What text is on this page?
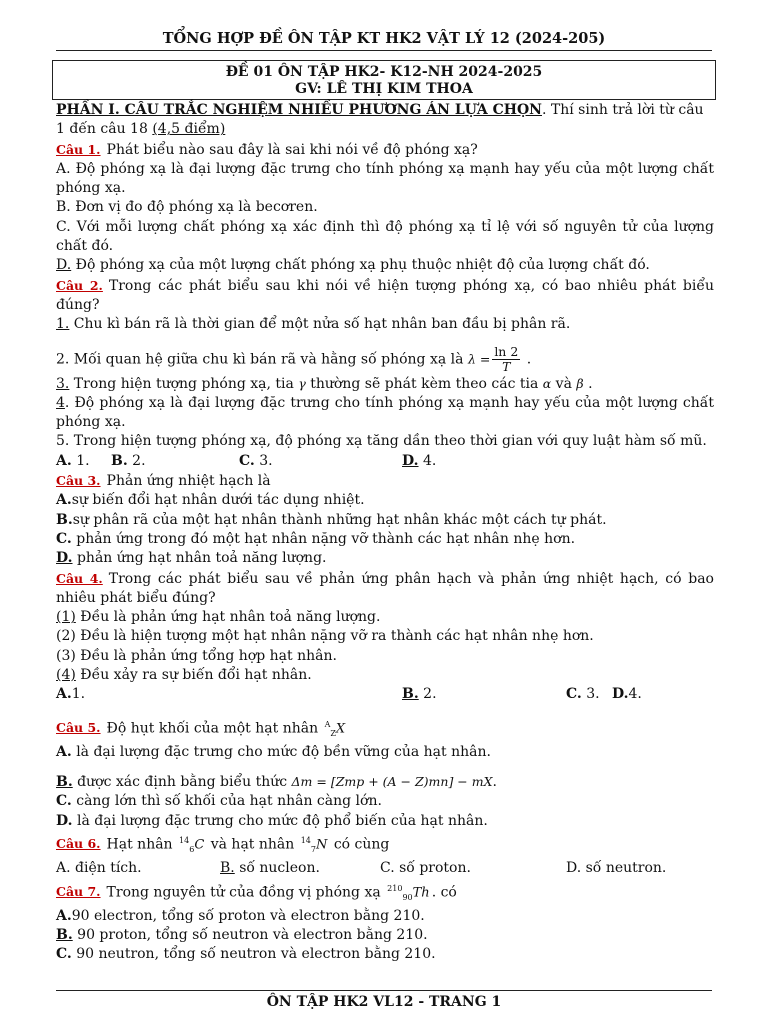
TỔNG HỢP ĐỀ ÔN TẬP KT HK2 VẬT LÝ 12 (2024-205)
ĐỀ 01 ÔN TẬP HK2- K12-NH 2024-2025
GV: LÊ THỊ KIM THOA

PHẦN I. CÂU TRẮC NGHIỆM NHIỀU PHƯƠNG ÁN LỰA CHỌN. Thí sinh trả lời từ câu
1 đến câu 18 (4,5 điểm)

Câu 1. Phát biểu nào sau đây là sai khi nói về độ phóng xạ?

A. Độ phóng xạ là đại lượng đặc trưng cho tính phóng xạ mạnh hay yếu của một lượng chất phóng xạ.

B. Đơn vị đo độ phóng xạ là becơren.

C. Với mỗi lượng chất phóng xạ xác định thì độ phóng xạ tỉ lệ với số nguyên tử của lượng chất đó.

D. Độ phóng xạ của một lượng chất phóng xạ phụ thuộc nhiệt độ của lượng chất đó.

Câu 2. Trong các phát biểu sau khi nói về hiện tượng phóng xạ, có bao nhiêu phát biểu đúng?

1. Chu kì bán rã là thời gian để một nửa số hạt nhân ban đầu bị phân rã.

2. Mối quan hệ giữa chu kì bán rã và hằng số phóng xạ là $\lambda = \frac{\ln 2}{T}$ .

3. Trong hiện tượng phóng xạ, tia γ thường sẽ phát kèm theo các tia α và β .

4. Độ phóng xạ là đại lượng đặc trưng cho tính phóng xạ mạnh hay yếu của một lượng chất phóng xạ.

5. Trong hiện tượng phóng xạ, độ phóng xạ tăng dần theo thời gian với quy luật hàm số mũ.

A. 1.	B. 2.	C. 3.	D. 4.

Câu 3. Phản ứng nhiệt hạch là

A.sự biến đổi hạt nhân dưới tác dụng nhiệt.

B.sự phân rã của một hạt nhân thành những hạt nhân khác một cách tự phát.

C. phản ứng trong đó một hạt nhân nặng vỡ thành các hạt nhân nhẹ hơn.

D. phản ứng hạt nhân toả năng lượng.

Câu 4. Trong các phát biểu sau về phản ứng phân hạch và phản ứng nhiệt hạch, có bao nhiêu phát biểu đúng?

(1) Đều là phản ứng hạt nhân toả năng lượng.

(2) Đều là hiện tượng một hạt nhân nặng vỡ ra thành các hạt nhân nhẹ hơn.

(3) Đều là phản ứng tổng hợp hạt nhân.

(4) Đều xảy ra sự biến đổi hạt nhân.

A.1.	B. 2.	C. 3. D.4.

Câu 5. Độ hụt khối của một hạt nhân $^A_Z$X

A. là đại lượng đặc trưng cho mức độ bền vững của hạt nhân.

B. được xác định bằng biểu thức Δm = [Zmp + (A − Z)mn] − mX.

C. càng lớn thì số khối của hạt nhân càng lớn.

D. là đại lượng đặc trưng cho mức độ phổ biến của hạt nhân.

Câu 6. Hạt nhân $^{14}_6$C và hạt nhân $^{14}_7$N có cùng

A. điện tích.	B. số nucleon.	C. số proton.	D. số neutron.

Câu 7. Trong nguyên tử của đồng vị phóng xạ $^{210}_{90}$Th . có

A.90 electron, tổng số proton và electron bằng 210.

B. 90 proton, tổng số neutron và electron bằng 210.

C. 90 neutron, tổng số neutron và electron bằng 210.

ÔN TẬP HK2 VL12 - TRANG 1
